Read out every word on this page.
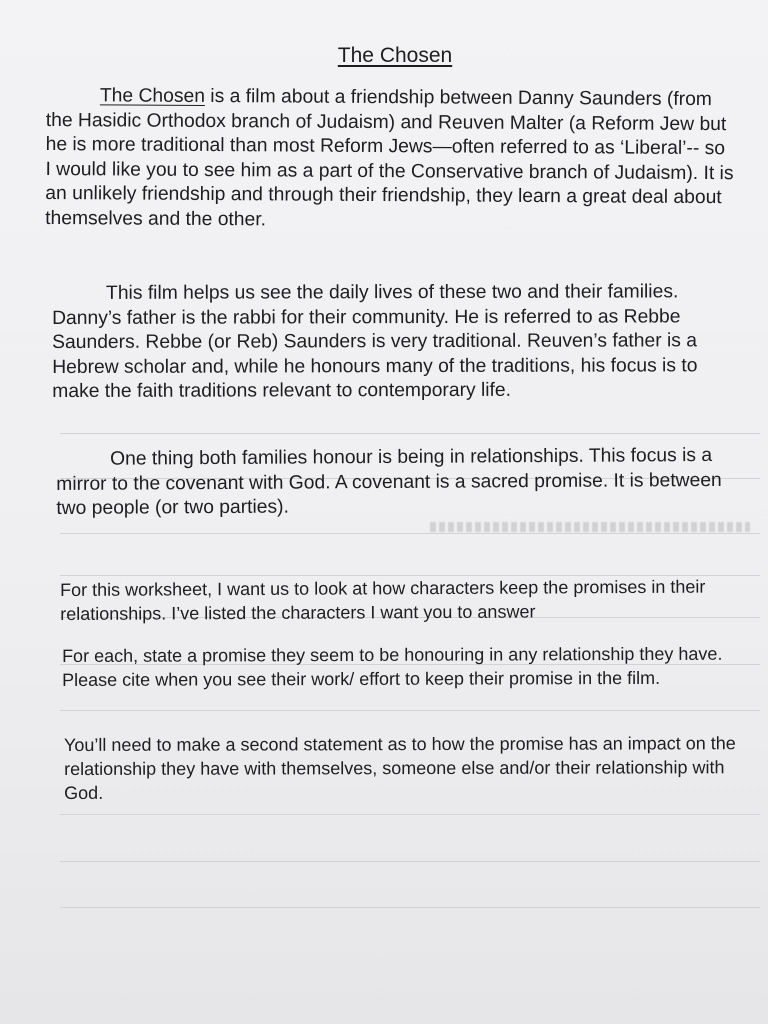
The Chosen

The Chosen is a film about a friendship between Danny Saunders (from the Hasidic Orthodox branch of Judaism) and Reuven Malter (a Reform Jew but he is more traditional than most Reform Jews—often referred to as ‘Liberal’-- so I would like you to see him as a part of the Conservative branch of Judaism). It is an unlikely friendship and through their friendship, they learn a great deal about themselves and the other.

This film helps us see the daily lives of these two and their families. Danny’s father is the rabbi for their community. He is referred to as Rebbe Saunders. Rebbe (or Reb) Saunders is very traditional. Reuven’s father is a Hebrew scholar and, while he honours many of the traditions, his focus is to make the faith traditions relevant to contemporary life.

One thing both families honour is being in relationships. This focus is a mirror to the covenant with God. A covenant is a sacred promise. It is between two people (or two parties).

For this worksheet, I want us to look at how characters keep the promises in their relationships. I’ve listed the characters I want you to answer

For each, state a promise they seem to be honouring in any relationship they have. Please cite when you see their work/ effort to keep their promise in the film.

You’ll need to make a second statement as to how the promise has an impact on the relationship they have with themselves, someone else and/or their relationship with God.
